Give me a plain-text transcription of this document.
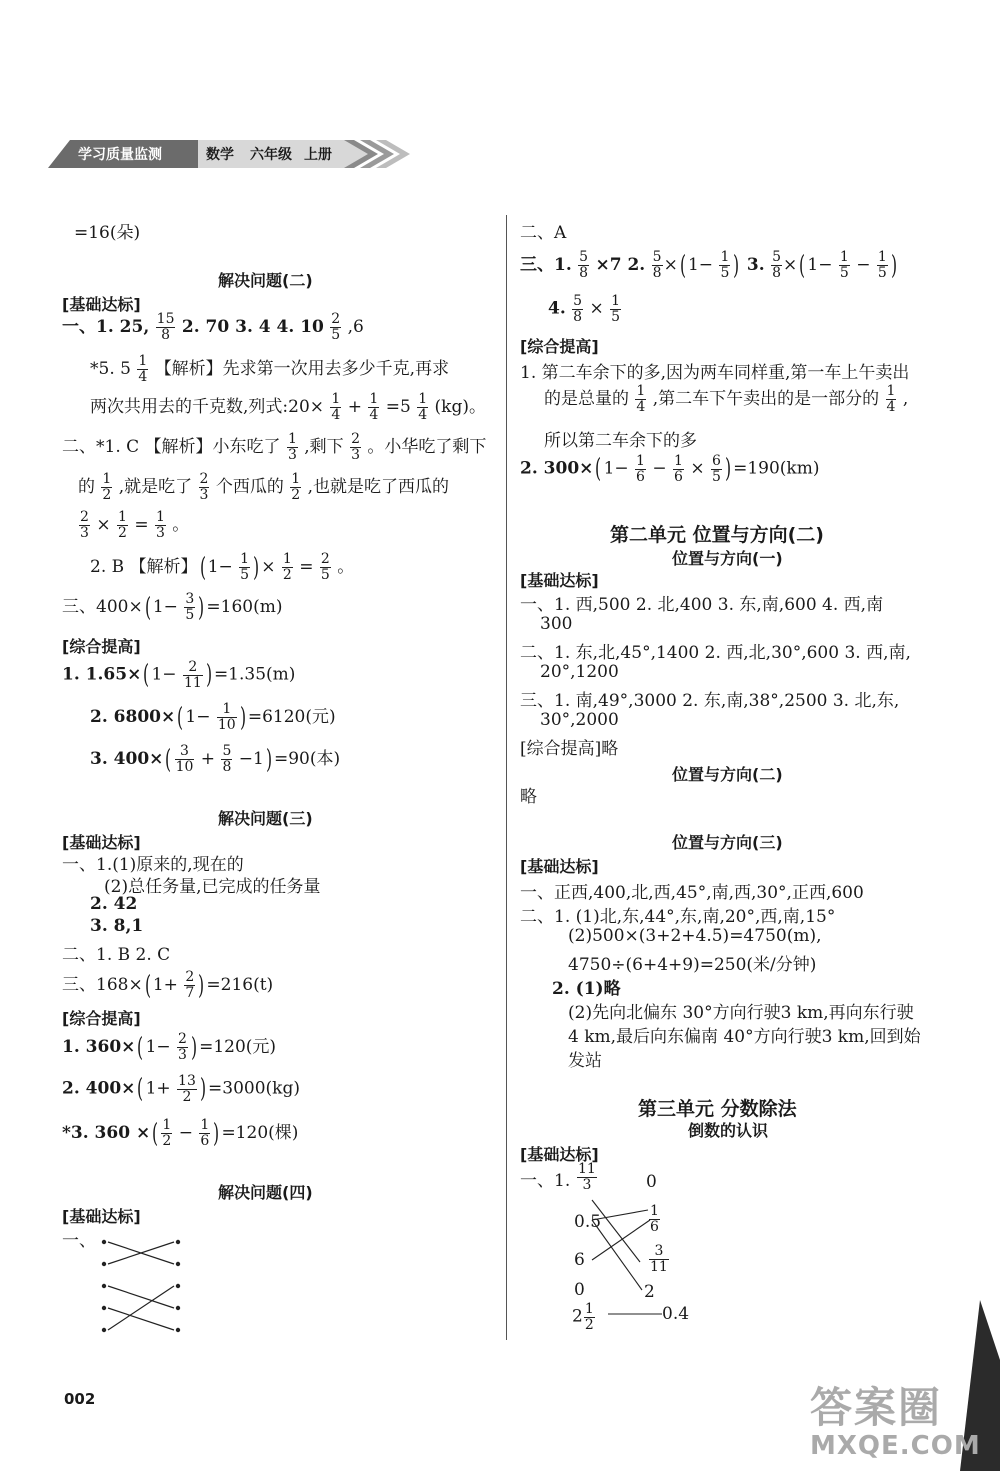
学习质量监测	数学 六年级 上册
=16(朵)
解决问题(二)
[基础达标]
一、1. 25, $\frac{15}{8} 2$. 70 3. 4 4. $10 \frac{2}{5} ,6$
*5. $5 \frac{1}{4}$ 【解析】先求第一次用去多少千克,再求
两次共用去的千克数,列式:20× $\frac{1}{4} + \frac{1}{4} =5 \frac{1}{4} (kg)$。
二、*1. C 【解析】小东吃了 $\frac{1}{3}$ ,剩下 $\frac{2}{3}$ 。小华吃了剩下
的 $\frac{1}{2}$ ,就是吃了 $\frac{2}{3}$ 个西瓜的 $\frac{1}{2}$ ,也就是吃了西瓜的
$\frac{2}{3} \times \frac{1}{2} = \frac{1}{3}$ 。
2. B 【解析】( $1- \frac{1}{5}$ ) × $\frac{1}{2} = \frac{2}{5}$ 。
三、400×( $1- \frac{3}{5}$ ) =160(m)
[综合提高]
1. 1.65×( $1- \frac{2}{11}$ ) =1.35(m)
2. 6800×( $1- \frac{1}{10}$ ) =6120(元)
3. $400\times( \frac{3}{10} + \frac{5}{8} -1) =90$(本)
解决问题(三)
[基础达标]
一、1.(1)原来的,现在的
(2)总任务量,已完成的任务量
2. 42
3. 8,1
二、1. B 2. C
三、168×( $1+ \frac{2}{7}$ ) =216(t)
[综合提高]
1. 360×( $1- \frac{2}{3}$ ) =120(元)
2. 400×( $1+ \frac{13}{2}$ ) =3000(kg)
*3. 360 ×( $\frac{1}{2} - \frac{1}{6}$ ) =120(棵)
解决问题(四)
[基础达标]
一、
002
二、A
三、1. $\frac{5}{8} \times 7$ 2. $\frac{5}{8}$ ×( $1- \frac{1}{5}$ ) 3. $\frac{5}{8}$ ×( $1- \frac{1}{5} - \frac{1}{5}$ )
4. $\frac{5}{8} \times \frac{1}{5}$
[综合提高]
1. 第二车余下的多,因为两车同样重,第一车上午卖出
的是总量的 $\frac{1}{4}$ ,第二车下午卖出的是一部分的 $\frac{1}{4}$ ,
所以第二车余下的多
2. 300×( $1- \frac{1}{6} - \frac{1}{6} \times \frac{6}{5}$ ) =190(km)
第二单元 位置与方向(二)
位置与方向(一)
[基础达标]
一、1. 西,500 2. 北,400 3. 东,南,600 4. 西,南
300
二、1. 东,北,45°,1400 2. 西,北,30°,600 3. 西,南,
20°,1200
三、1. 南,49°,3000 2. 东,南,38°,2500 3. 北,东,
30°,2000
[综合提高]略
位置与方向(二)
略
位置与方向(三)
[基础达标]
一、正西,400,北,西,45°,南,西,30°,正西,600
二、1. (1)北,东,44°,东,南,20°,西,南,15°
(2)500×(3+2+4.5)=4750(m),
4750÷(6+4+9)=250(米/分钟)
2. (1)略
(2)先向北偏东 30°方向行驶3 km,再向东行驶
4 km,最后向东偏南 40°方向行驶3 km,回到始
发站
第三单元 分数除法
倒数的认识
[基础达标]
一、1. $\frac{11}{3}$
0.5
6
0
$2 \frac{1}{2}$
0
$\frac{1}{6}$
$\frac{3}{11}$
2
0.4
答案圈
MXQE.COM
